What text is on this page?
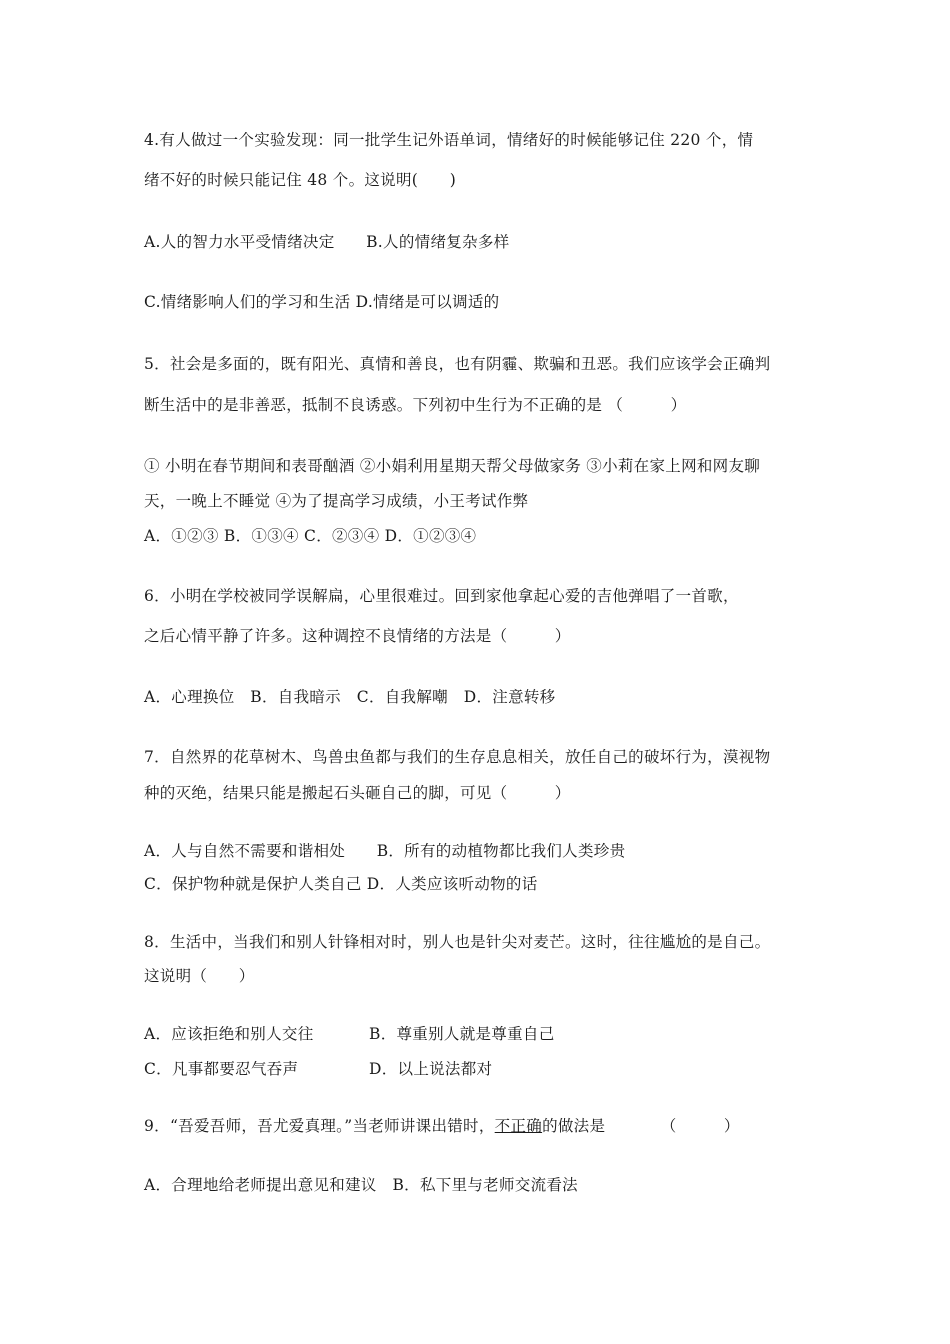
4.有人做过一个实验发现：同一批学生记外语单词，情绪好的时候能够记住 220 个，情
绪不好的时候只能记住 48 个。这说明(　　)
A.人的智力水平受情绪决定　　B.人的情绪复杂多样
C.情绪影响人们的学习和生活 D.情绪是可以调适的
5．社会是多面的，既有阳光、真情和善良，也有阴霾、欺骗和丑恶。我们应该学会正确判
断生活中的是非善恶，抵制不良诱惑。下列初中生行为不正确的是 （　　　）
① 小明在春节期间和表哥酗酒 ②小娟利用星期天帮父母做家务 ③小莉在家上网和网友聊
天，一晚上不睡觉 ④为了提高学习成绩，小王考试作弊
A．①②③ B．①③④ C．②③④ D．①②③④
6．小明在学校被同学误解扁，心里很难过。回到家他拿起心爱的吉他弹唱了一首歌，
之后心情平静了许多。这种调控不良情绪的方法是（　　　）
A．心理换位　B．自我暗示　C．自我解嘲　D．注意转移
7．自然界的花草树木、鸟兽虫鱼都与我们的生存息息相关，放任自己的破坏行为，漠视物
种的灭绝，结果只能是搬起石头砸自己的脚，可见（　　　）
A．人与自然不需要和谐相处　　B．所有的动植物都比我们人类珍贵
C．保护物种就是保护人类自己 D．人类应该听动物的话
8．生活中，当我们和别人针锋相对时，别人也是针尖对麦芒。这时，往往尴尬的是自己。
这说明（　　）
A．应该拒绝和别人交往	B．尊重别人就是尊重自己
C．凡事都要忍气吞声	D．以上说法都对
9．“吾爱吾师，吾尤爱真理。”当老师讲课出错时，不正确的做法是　　　　（　　　）
A．合理地给老师提出意见和建议　B．私下里与老师交流看法
